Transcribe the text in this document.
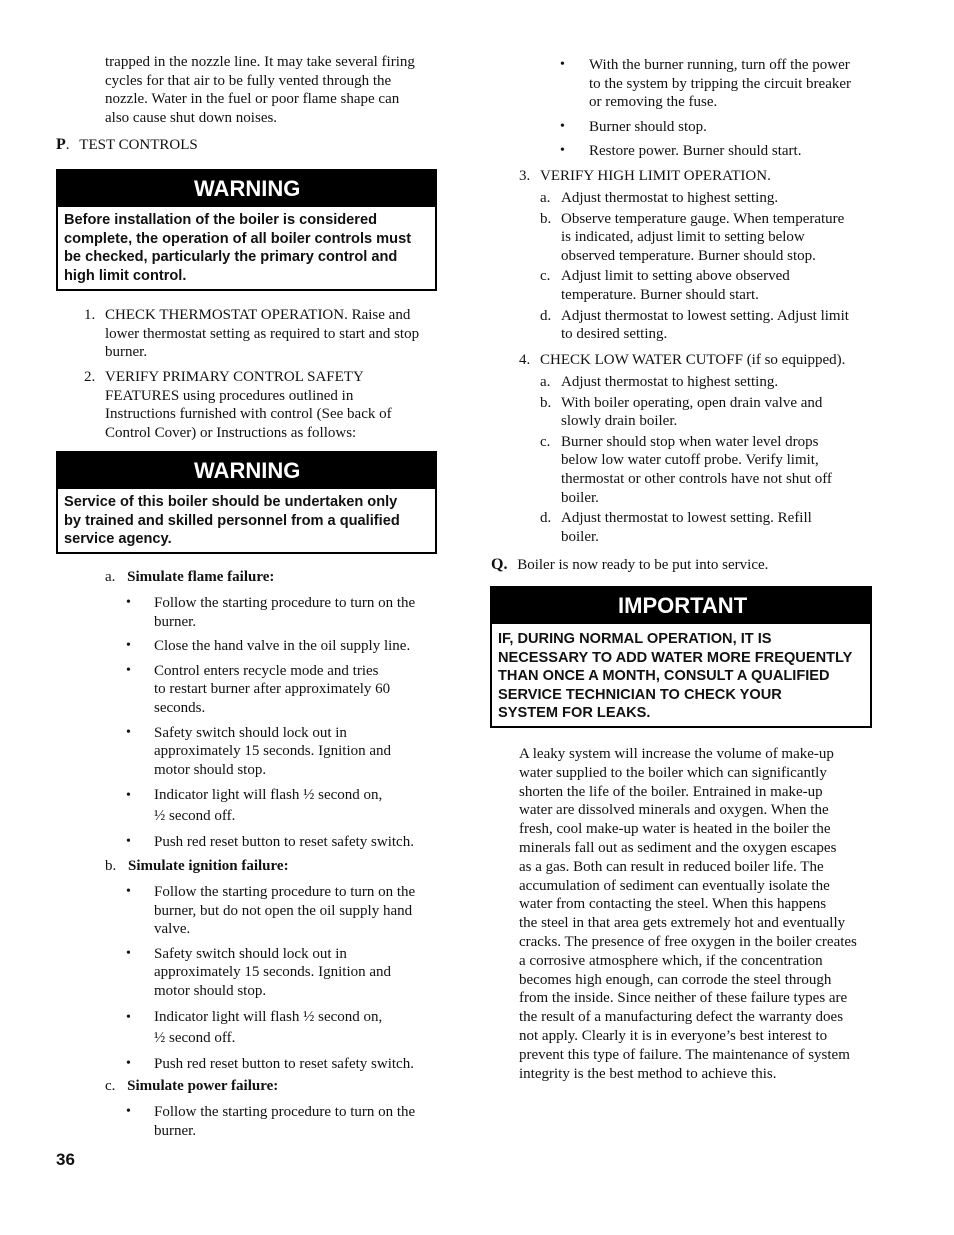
trapped in the nozzle line. It may take several firing

cycles for that air to be fully vented through the

nozzle. Water in the fuel or poor flame shape can

also cause shut down noises.

P. TEST CONTROLS
WARNING
Before installation of the boiler is considered
complete, the operation of all boiler controls must
be checked, particularly the primary control and
high limit control.
1. CHECK THERMOSTAT OPERATION. Raise and

lower thermostat setting as required to start and stop

burner.

2. VERIFY PRIMARY CONTROL SAFETY

FEATURES using procedures outlined in

Instructions furnished with control (See back of

Control Cover) or Instructions as follows:

WARNING
Service of this boiler should be undertaken only
by trained and skilled personnel from a qualified
service agency.
a. Simulate flame failure:
• Follow the starting procedure to turn on the

burner.

• Close the hand valve in the oil supply line.

• Control enters recycle mode and tries

to restart burner after approximately 60

seconds.

• Safety switch should lock out in

approximately 15 seconds. Ignition and

motor should stop.

• Indicator light will flash ½ second on,

½ second off.

• Push red reset button to reset safety switch.

b. Simulate ignition failure:
• Follow the starting procedure to turn on the

burner, but do not open the oil supply hand

valve.

• Safety switch should lock out in

approximately 15 seconds. Ignition and

motor should stop.

• Indicator light will flash ½ second on,

½ second off.

• Push red reset button to reset safety switch.

c. Simulate power failure:
• Follow the starting procedure to turn on the

burner.

36
• With the burner running, turn off the power

to the system by tripping the circuit breaker

or removing the fuse.

• Burner should stop.

• Restore power. Burner should start.

3. VERIFY HIGH LIMIT OPERATION.
a. Adjust thermostat to highest setting.

b. Observe temperature gauge. When temperature

is indicated, adjust limit to setting below

observed temperature. Burner should stop.

c. Adjust limit to setting above observed

temperature. Burner should start.

d. Adjust thermostat to lowest setting. Adjust limit

to desired setting.

4. CHECK LOW WATER CUTOFF (if so equipped).
a. Adjust thermostat to highest setting.

b. With boiler operating, open drain valve and

slowly drain boiler.

c. Burner should stop when water level drops

below low water cutoff probe. Verify limit,

thermostat or other controls have not shut off

boiler.

d. Adjust thermostat to lowest setting. Refill

boiler.

Q. Boiler is now ready to be put into service.
IMPORTANT
IF, DURING NORMAL OPERATION, IT IS
NECESSARY TO ADD WATER MORE FREQUENTLY
THAN ONCE A MONTH, CONSULT A QUALIFIED
SERVICE TECHNICIAN TO CHECK YOUR
SYSTEM FOR LEAKS.

A leaky system will increase the volume of make-up

water supplied to the boiler which can significantly

shorten the life of the boiler. Entrained in make-up

water are dissolved minerals and oxygen. When the

fresh, cool make-up water is heated in the boiler the

minerals fall out as sediment and the oxygen escapes

as a gas. Both can result in reduced boiler life. The

accumulation of sediment can eventually isolate the

water from contacting the steel. When this happens

the steel in that area gets extremely hot and eventually

cracks. The presence of free oxygen in the boiler creates

a corrosive atmosphere which, if the concentration

becomes high enough, can corrode the steel through

from the inside. Since neither of these failure types are

the result of a manufacturing defect the warranty does

not apply. Clearly it is in everyone’s best interest to

prevent this type of failure. The maintenance of system

integrity is the best method to achieve this.
